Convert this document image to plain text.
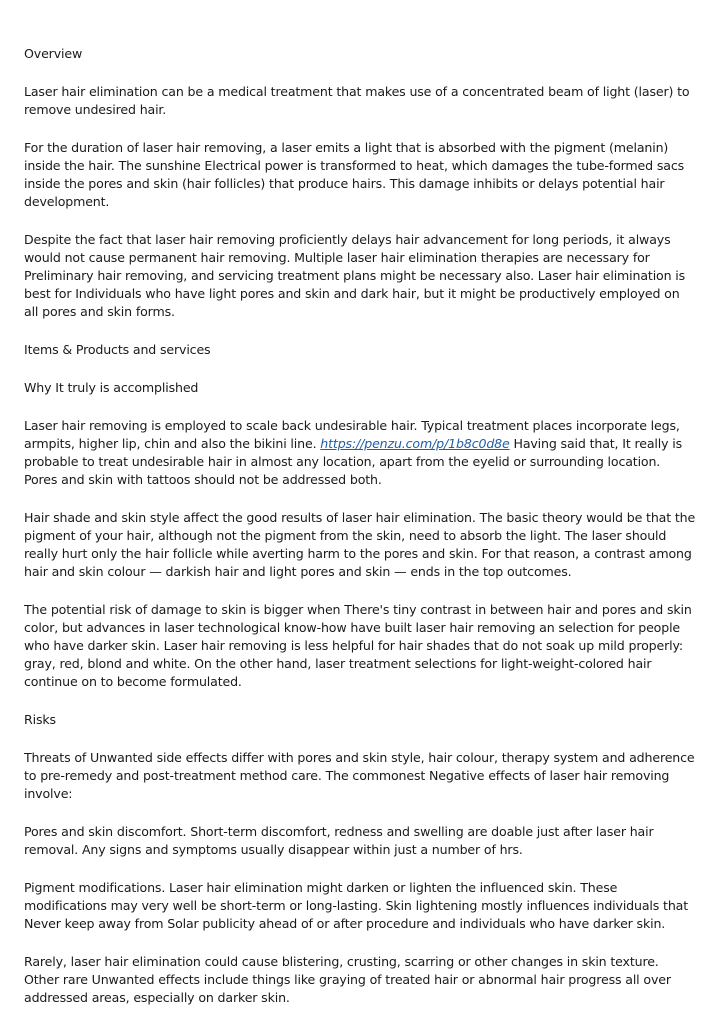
Overview

Laser hair elimination can be a medical treatment that makes use of a concentrated beam of light (laser) to remove undesired hair.

For the duration of laser hair removing, a laser emits a light that is absorbed with the pigment (melanin) inside the hair. The sunshine Electrical power is transformed to heat, which damages the tube-formed sacs inside the pores and skin (hair follicles) that produce hairs. This damage inhibits or delays potential hair development.

Despite the fact that laser hair removing proficiently delays hair advancement for long periods, it always would not cause permanent hair removing. Multiple laser hair elimination therapies are necessary for Preliminary hair removing, and servicing treatment plans might be necessary also. Laser hair elimination is best for Individuals who have light pores and skin and dark hair, but it might be productively employed on all pores and skin forms.

Items & Products and services

Why It truly is accomplished

Laser hair removing is employed to scale back undesirable hair. Typical treatment places incorporate legs, armpits, higher lip, chin and also the bikini line. https://penzu.com/p/1b8c0d8e Having said that, It really is probable to treat undesirable hair in almost any location, apart from the eyelid or surrounding location. Pores and skin with tattoos should not be addressed both.

Hair shade and skin style affect the good results of laser hair elimination. The basic theory would be that the pigment of your hair, although not the pigment from the skin, need to absorb the light. The laser should really hurt only the hair follicle while averting harm to the pores and skin. For that reason, a contrast among hair and skin colour — darkish hair and light pores and skin — ends in the top outcomes.

The potential risk of damage to skin is bigger when There's tiny contrast in between hair and pores and skin color, but advances in laser technological know-how have built laser hair removing an selection for people who have darker skin. Laser hair removing is less helpful for hair shades that do not soak up mild properly: gray, red, blond and white. On the other hand, laser treatment selections for light-weight-colored hair continue on to become formulated.

Risks

Threats of Unwanted side effects differ with pores and skin style, hair colour, therapy system and adherence to pre-remedy and post-treatment method care. The commonest Negative effects of laser hair removing involve:

Pores and skin discomfort. Short-term discomfort, redness and swelling are doable just after laser hair removal. Any signs and symptoms usually disappear within just a number of hrs.

Pigment modifications. Laser hair elimination might darken or lighten the influenced skin. These modifications may very well be short-term or long-lasting. Skin lightening mostly influences individuals that Never keep away from Solar publicity ahead of or after procedure and individuals who have darker skin.

Rarely, laser hair elimination could cause blistering, crusting, scarring or other changes in skin texture. Other rare Unwanted effects include things like graying of treated hair or abnormal hair progress all over addressed areas, especially on darker skin.
